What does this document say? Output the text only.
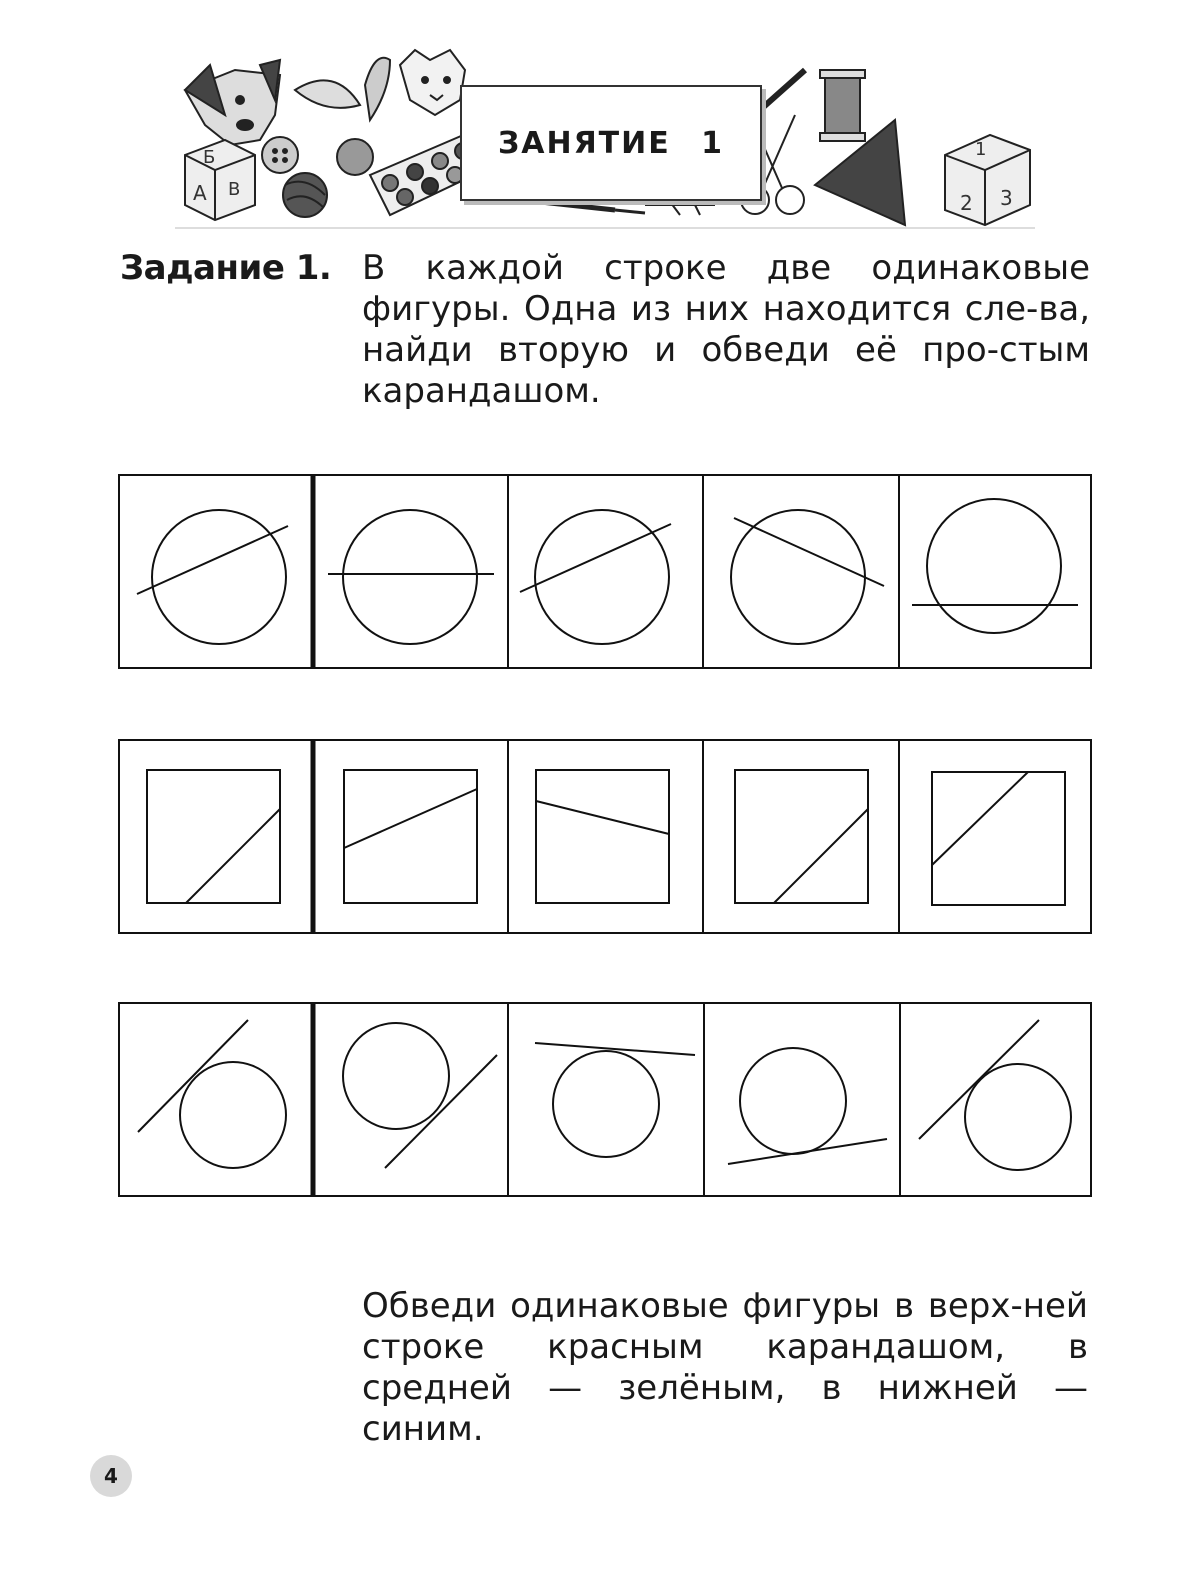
Б
А В
1
2 3
ЗАНЯТИЕ 1
Задание 1. В каждой строке две одинаковые фигуры. Одна из них находится сле-ва, найди вторую и обведи её про-стым карандашом.
Обведи одинаковые фигуры в верх-ней строке красным карандашом, в средней — зелёным, в нижней — синим.
4
